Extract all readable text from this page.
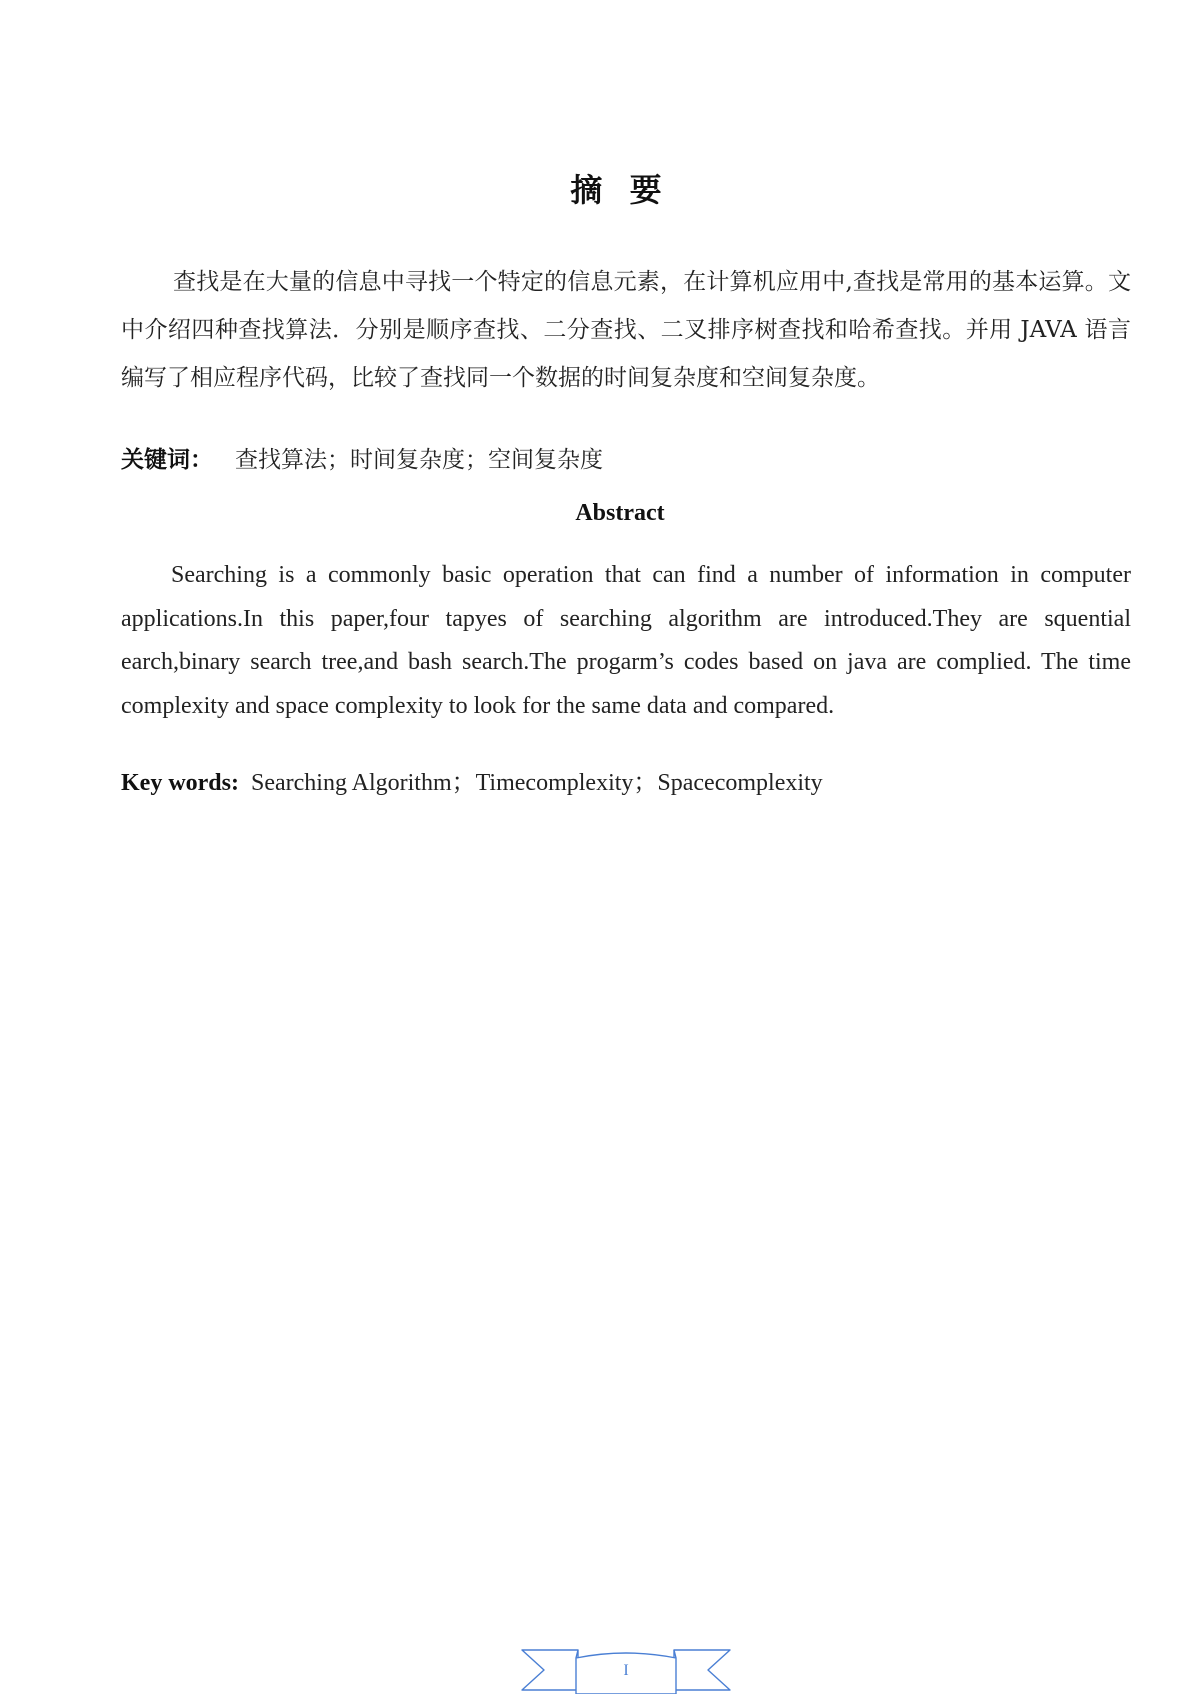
摘 要

查找是在大量的信息中寻找一个特定的信息元素，在计算机应用中,查找是常用的基本运算。文中介绍四种查找算法．分别是顺序查找、二分查找、二叉排序树查找和哈希查找。并用 JAVA 语言编写了相应程序代码，比较了查找同一个数据的时间复杂度和空间复杂度。

关键词： 查找算法；时间复杂度；空间复杂度
Abstract

Searching is a commonly basic operation that can find a number of information in computer applications.In this paper,four tapyes of searching algorithm are introduced.They are squential earch,binary search tree,and bash search.The progarm’s codes based on java are complied. The time complexity and space complexity to look for the same data and compared.

Key words: Searching Algorithm；Timecomplexity；Spacecomplexity
I
